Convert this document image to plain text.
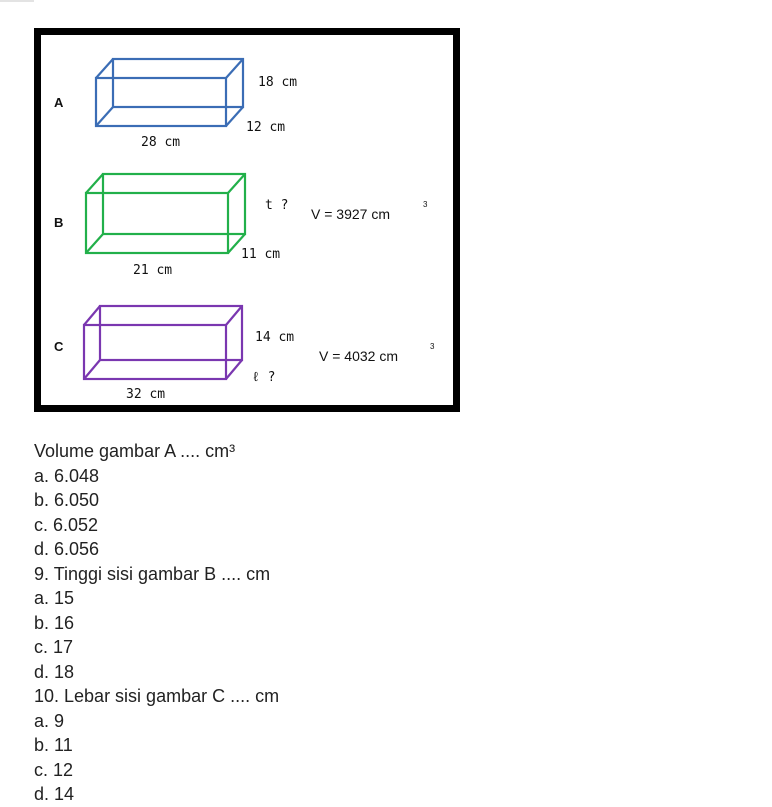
A
18 cm
12 cm
28 cm
B
t ?
11 cm
21 cm
V = 3927 cm
3
C
14 cm
ℓ ?
32 cm
V = 4032 cm
3
Volume gambar A .... cm³
a. 6.048
b. 6.050
c. 6.052
d. 6.056
9. Tinggi sisi gambar B .... cm
a. 15
b. 16
c. 17
d. 18
10. Lebar sisi gambar C .... cm
a. 9
b. 11
c. 12
d. 14
